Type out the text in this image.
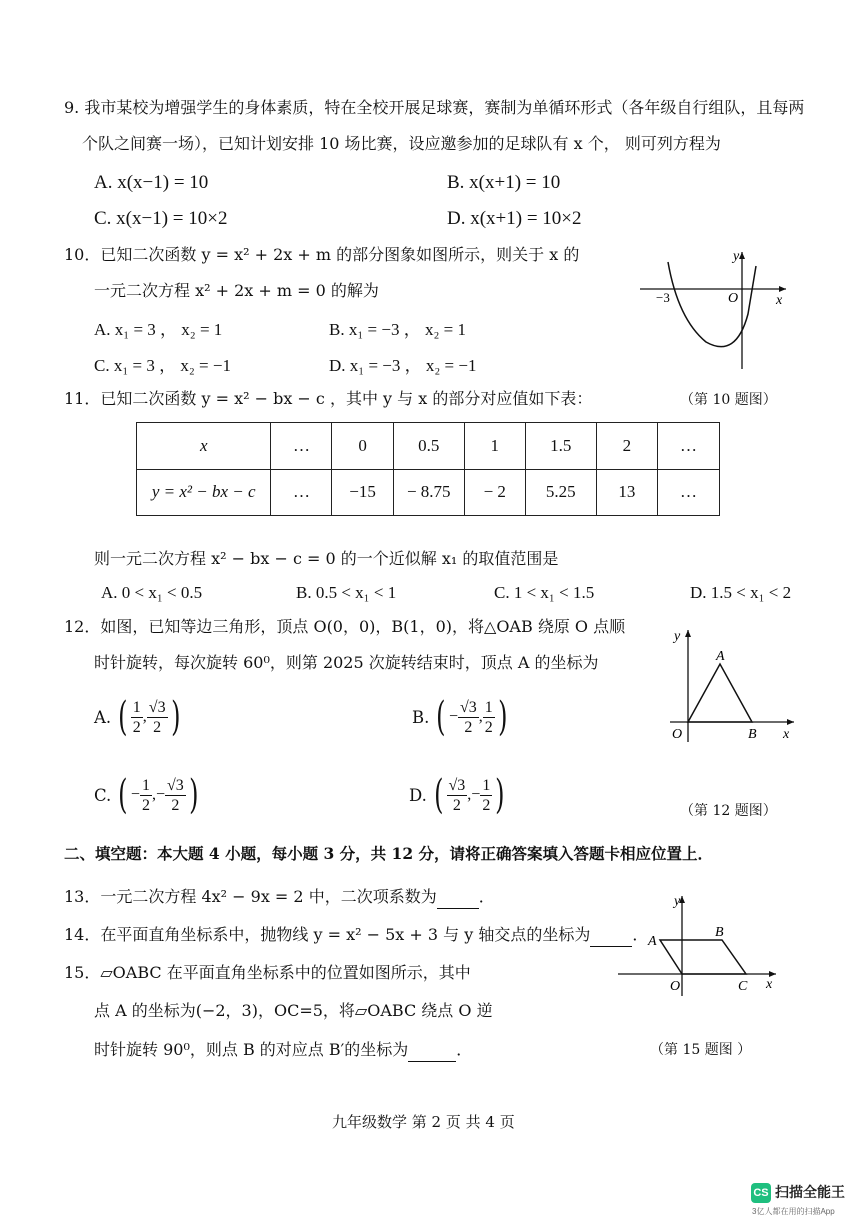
9. 我市某校为增强学生的身体素质，特在全校开展足球赛，赛制为单循环形式（各年级自行组队，且每两
个队之间赛一场），已知计划安排 10 场比赛，设应邀参加的足球队有 x 个， 则可列方程为
A. x(x−1) = 10	B. x(x+1) = 10
C. x(x−1) = 10×2	D. x(x+1) = 10×2
10．已知二次函数 y = x² + 2x + m 的部分图象如图所示，则关于 x 的
一元二次方程 x² + 2x + m = 0 的解为
A. x₁ = 3 ， x₂ = 1	B. x₁ = −3 ， x₂ = 1
C. x₁ = 3 ， x₂ = −1	D. x₁ = −3 ， x₂ = −1
y
x
O
−3
（第 10 题图）
11．已知二次函数 y = x² − bx − c ，其中 y 与 x 的部分对应值如下表：
x	…	0	0.5	1	1.5	2	…
y = x² − bx − c	…	−15	− 8.75	− 2	5.25	13	…
则一元二次方程 x² − bx − c = 0 的一个近似解 x₁ 的取值范围是
A. 0 < x₁ < 0.5	B. 0.5 < x₁ < 1	C. 1 < x₁ < 1.5	D. 1.5 < x₁ < 2
12．如图，已知等边三角形，顶点 O(0，0)，B(1，0)，将△OAB 绕原 O 点顺
时针旋转，每次旋转 60⁰，则第 2025 次旋转结束时，顶点 A 的坐标为
A. ( $\frac{1}{2}$ , $\frac{√3}{2}$ )	B. ( − $\frac{√3}{2}$ , $\frac{1}{2}$ )
C. ( − $\frac{1}{2}$ , − $\frac{√3}{2}$ )	D. ( $\frac{√3}{2}$ , − $\frac{1}{2}$ )
y
x
O
A
B
（第 12 题图）
二、填空题：本大题 4 小题，每小题 3 分，共 12 分，请将正确答案填入答题卡相应位置上．
13．一元二次方程 4x² − 9x = 2 中，二次项系数为	．
14．在平面直角坐标系中，抛物线 y = x² − 5x + 3 与 y 轴交点的坐标为	．
15．▱OABC 在平面直角坐标系中的位置如图所示，其中
点 A 的坐标为(−2，3)，OC=5，将▱OABC 绕点 O 逆
时针旋转 90⁰，则点 B 的对应点 B′的坐标为	．
y
x
O
A
B
C
（第 15 题图 ）
九年级数学 第 2 页 共 4 页
CS 扫描全能王
3亿人都在用的扫描App
